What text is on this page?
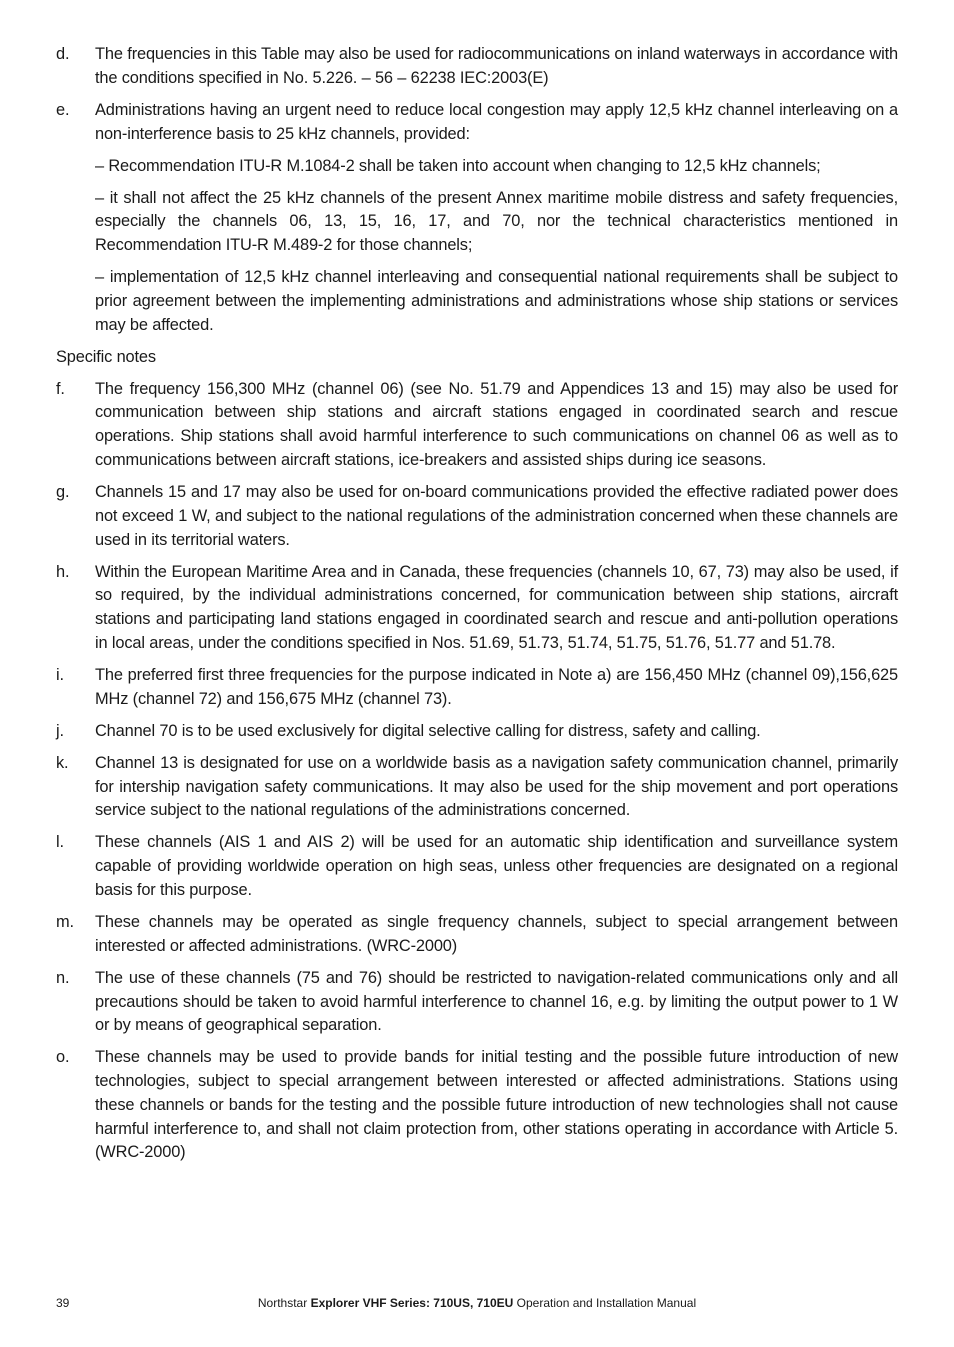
d.	The frequencies in this Table may also be used for radiocommunications on inland waterways in accordance with the conditions specified in No. 5.226. – 56 – 62238 IEC:2003(E)
e.	Administrations having an urgent need to reduce local congestion may apply 12,5 kHz channel interleaving on a non-interference basis to 25 kHz channels, provided:
– Recommendation ITU-R M.1084-2 shall be taken into account when changing to 12,5 kHz channels;
– it shall not affect the 25 kHz channels of the present Annex maritime mobile distress and safety frequencies, especially the channels 06, 13, 15, 16, 17, and 70, nor the technical characteristics mentioned in Recommendation ITU-R M.489-2 for those channels;
– implementation of 12,5 kHz channel interleaving and consequential national requirements shall be subject to prior agreement between the implementing administrations and administrations whose ship stations or services may be affected.
Specific notes
f.	The frequency 156,300 MHz (channel 06) (see No. 51.79 and Appendices 13 and 15) may also be used for communication between ship stations and aircraft stations engaged in coordinated search and rescue operations. Ship stations shall avoid harmful interference to such communications on channel 06 as well as to communications between aircraft stations, ice-breakers and assisted ships during ice seasons.
g.	Channels 15 and 17 may also be used for on-board communications provided the effective radiated power does not exceed 1 W, and subject to the national regulations of the administration concerned when these channels are used in its territorial waters.
h.	Within the European Maritime Area and in Canada, these frequencies (channels 10, 67, 73) may also be used, if so required, by the individual administrations concerned, for communication between ship stations, aircraft stations and participating land stations engaged in coordinated search and rescue and anti-pollution operations in local areas, under the conditions specified in Nos. 51.69, 51.73, 51.74, 51.75, 51.76, 51.77 and 51.78.
i.	The preferred first three frequencies for the purpose indicated in Note a) are 156,450 MHz (channel 09),156,625 MHz (channel 72) and 156,675 MHz (channel 73).
j.	Channel 70 is to be used exclusively for digital selective calling for distress, safety and calling.
k.	Channel 13 is designated for use on a worldwide basis as a navigation safety communication channel, primarily for intership navigation safety communications. It may also be used for the ship movement and port operations service subject to the national regulations of the administrations concerned.
l.	These channels (AIS 1 and AIS 2) will be used for an automatic ship identification and surveillance system capable of providing worldwide operation on high seas, unless other frequencies are designated on a regional basis for this purpose.
m.	These channels may be operated as single frequency channels, subject to special arrangement between interested or affected administrations. (WRC-2000)
n.	The use of these channels (75 and 76) should be restricted to navigation-related communications only and all precautions should be taken to avoid harmful interference to channel 16, e.g. by limiting the output power to 1 W or by means of geographical separation.
o.	These channels may be used to provide bands for initial testing and the possible future introduction of new technologies, subject to special arrangement between interested or affected administrations. Stations using these channels or bands for the testing and the possible future introduction of new technologies shall not cause harmful interference to, and shall not claim protection from, other stations operating in accordance with Article 5. (WRC-2000)
39	Northstar Explorer VHF Series: 710US, 710EU Operation and Installation Manual
